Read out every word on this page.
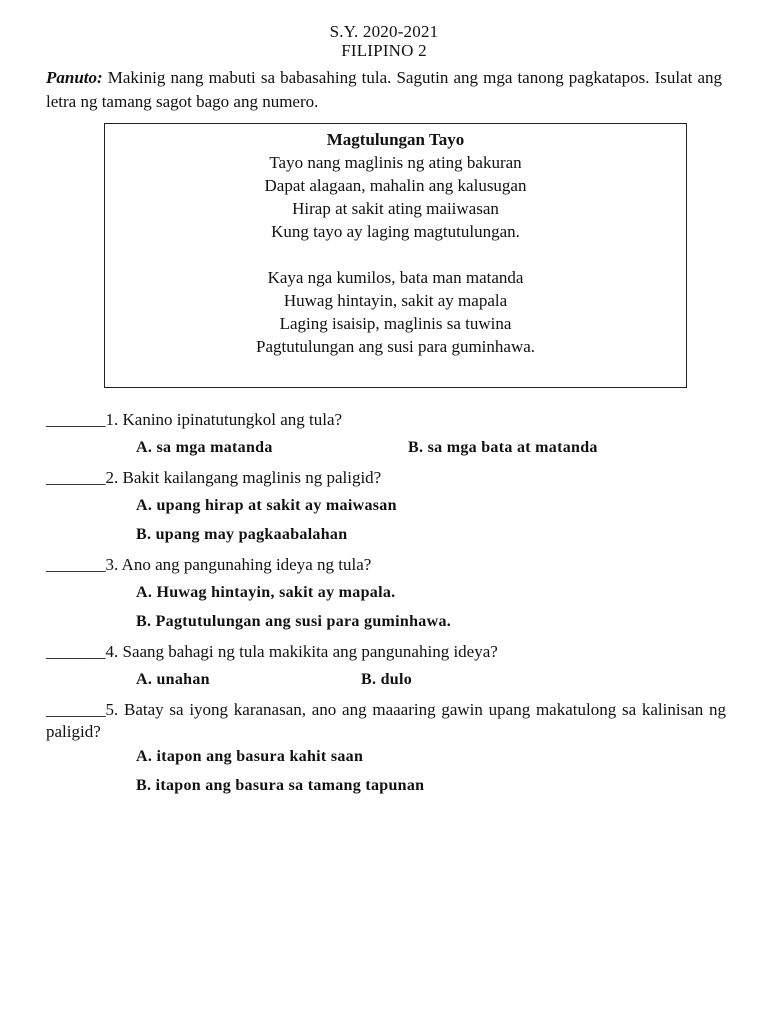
S.Y. 2020-2021
FILIPINO 2
Panuto: Makinig nang mabuti sa babasahing tula. Sagutin ang mga tanong pagkatapos. Isulat ang letra ng tamang sagot bago ang numero.
Magtulungan Tayo
Tayo nang maglinis ng ating bakuran
Dapat alagaan, mahalin ang kalusugan
Hirap at sakit ating maiiwasan
Kung tayo ay laging magtutulungan.
Kaya nga kumilos, bata man matanda
Huwag hintayin, sakit ay mapala
Laging isaisip, maglinis sa tuwina
Pagtutulungan ang susi para guminhawa.
_______1. Kanino ipinatutungkol ang tula?
A. sa mga matanda	B. sa mga bata at matanda
_______2. Bakit kailangang maglinis ng paligid?
A. upang hirap at sakit ay maiwasan
B. upang may pagkaabalahan
_______3. Ano ang pangunahing ideya ng tula?
A. Huwag hintayin, sakit ay mapala.
B. Pagtutulungan ang susi para guminhawa.
_______4. Saang bahagi ng tula makikita ang pangunahing ideya?
A. unahan	B. dulo
_______5. Batay sa iyong karanasan, ano ang maaaring gawin upang makatulong sa kalinisan ng paligid?
A. itapon ang basura kahit saan
B. itapon ang basura sa tamang tapunan
